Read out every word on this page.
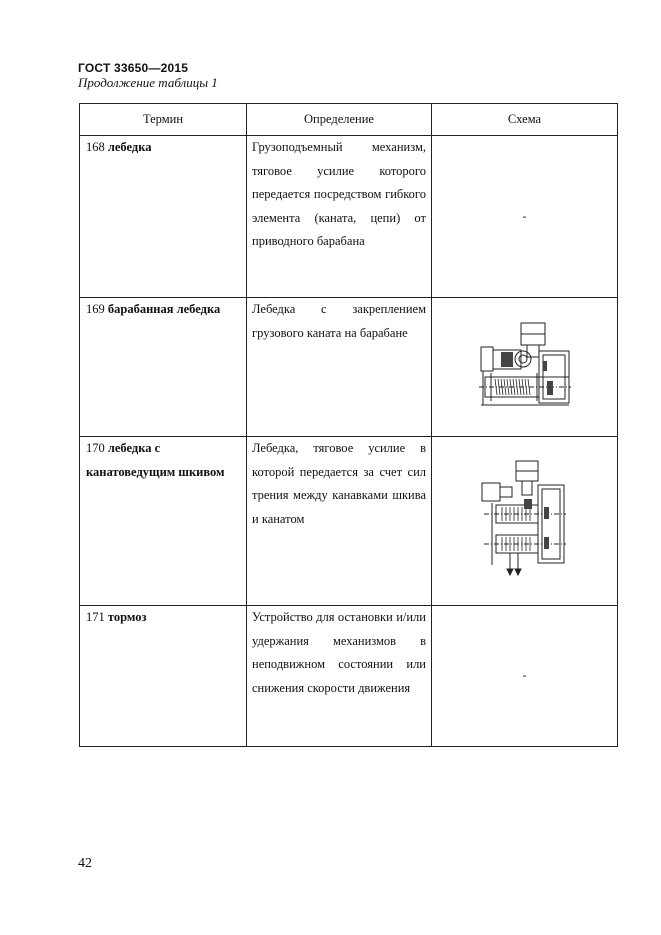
ГОСТ 33650—2015
Продолжение таблицы 1
Термин	Определение	Схема
168 лебедка	Грузоподъемный механизм, тяговое усилие которого передается посредством гибкого элемента (каната, цепи) от приводного барабана	-
169 барабанная лебедка	Лебедка с закреплением грузового каната на барабане	

170 лебедка с канатоведущим шкивом	Лебедка, тяговое усилие в которой передается за счет сил трения между канавками шкива и канатом	

171 тормоз	Устройство для остановки и/или удержания механизмов в неподвижном состоянии или снижения скорости движения	-
42
